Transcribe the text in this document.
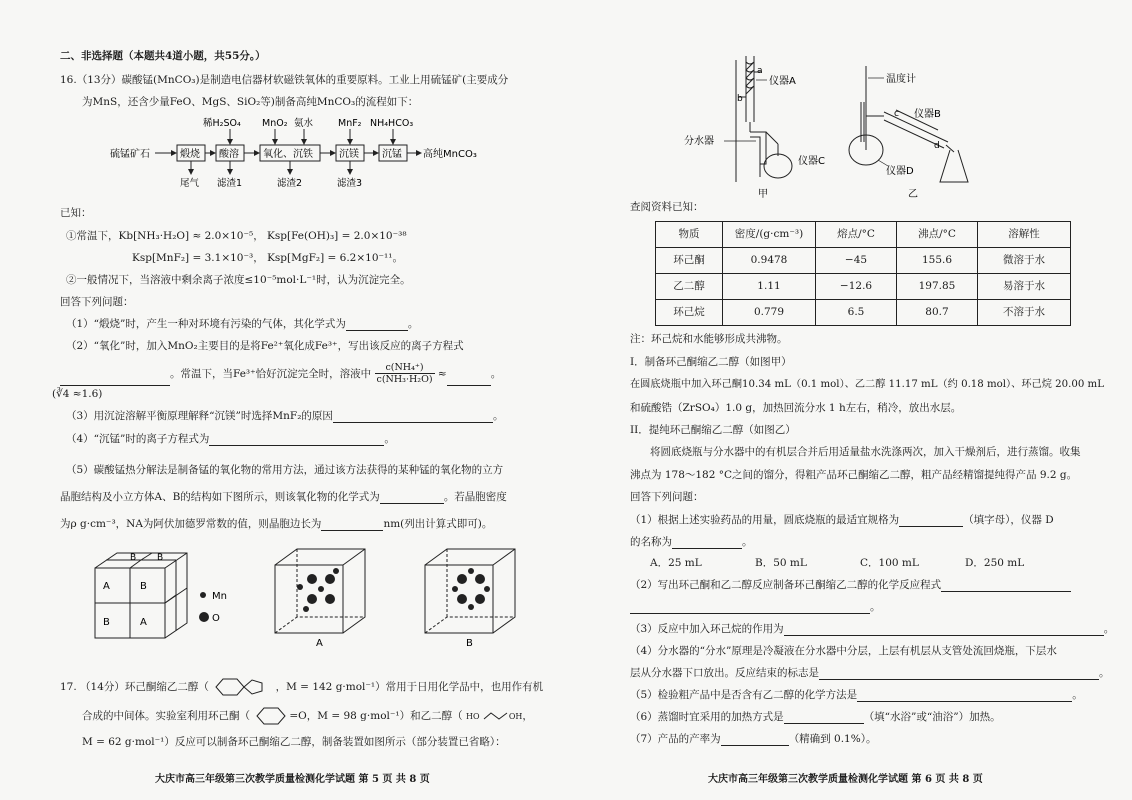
二、非选择题（本题共4道小题，共55分。）
16.（13分）碳酸锰(MnCO₃)是制造电信器材软磁铁氧体的重要原料。工业上用硫锰矿(主要成分
为MnS，还含少量FeO、MgS、SiO₂等)制备高纯MnCO₃的流程如下：
硫锰矿石	煅烧 酸溶 氧化、沉铁	沉镁 沉锰 高纯MnCO₃
稀H₂SO₄ MnO₂ 氨水	MnF₂ NH₄HCO₃
尾气 滤渣1	滤渣2	滤渣3
已知：
①常温下，Kb[NH₃·H₂O] ≈ 2.0×10⁻⁵， Ksp[Fe(OH)₃] = 2.0×10⁻³⁸
Ksp[MnF₂] = 3.1×10⁻³， Ksp[MgF₂] = 6.2×10⁻¹¹。
②一般情况下，当溶液中剩余离子浓度≤10⁻⁵mol·L⁻¹时，认为沉淀完全。
回答下列问题：
（1）“煅烧”时，产生一种对环境有污染的气体，其化学式为	。
（2）“氧化”时，加入MnO₂主要目的是将Fe²⁺氧化成Fe³⁺，写出该反应的离子方程式
。常温下，当Fe³⁺恰好沉淀完全时，溶液中 $\frac{\text{c(NH₄⁺)}}{\text{c(NH₃·H₂O)}}$ ≈	。
(∛4 ≈1.6)
（3）用沉淀溶解平衡原理解释“沉镁”时选择MnF₂的原因	。
（4）“沉锰”时的离子方程式为	。
（5）碳酸锰热分解法是制备锰的氧化物的常用方法，通过该方法获得的某种锰的氧化物的立方
晶胞结构及小立方体A、B的结构如下图所示，则该氧化物的化学式为	。若晶胞密度
为ρ g·cm⁻³，NA为阿伏加德罗常数的值，则晶胞边长为	nm(列出计算式即可)。
A	B
B	A
B B
Mn
O
A	B
17. （14分）环己酮缩乙二醇（	，M = 142 g·mol⁻¹）常用于日用化学品中，也用作有机
合成的中间体。实验室利用环己酮（	=O，M = 98 g·mol⁻¹）和乙二醇（ HO	OH，
M = 62 g·mol⁻¹）反应可以制备环己酮缩乙二醇，制备装置如图所示（部分装置已省略）：
大庆市高三年级第三次教学质量检测化学试题 第 5 页 共 8 页
a
b
仪器A
分水器
仪器C
甲
温度计
c 仪器B
d
仪器D
乙
查阅资料已知：
物质	密度/(g·cm⁻³)	熔点/°C	沸点/°C	溶解性
环己酮	0.9478	−45	155.6	微溶于水
乙二醇	1.11	−12.6	197.85	易溶于水
环己烷	0.779	6.5	80.7	不溶于水
注：环己烷和水能够形成共沸物。
I．制备环己酮缩乙二醇（如图甲）
在圆底烧瓶中加入环己酮10.34 mL（0.1 mol）、乙二醇 11.17 mL（约 0.18 mol）、环己烷 20.00 mL
和硫酸锆（ZrSO₄）1.0 g，加热回流分水 1 h左右，稍冷，放出水层。
II．提纯环己酮缩乙二醇（如图乙）
将圆底烧瓶与分水器中的有机层合并后用适量盐水洗涤两次，加入干燥剂后，进行蒸馏。收集
沸点为 178～182 °C之间的馏分，得粗产品环己酮缩乙二醇，粗产品经精馏提纯得产品 9.2 g。
回答下列问题：
（1）根据上述实验药品的用量，圆底烧瓶的最适宜规格为	（填字母），仪器 D
的名称为	。
A．25 mL	B．50 mL	C．100 mL	D．250 mL
（2）写出环己酮和乙二醇反应制备环己酮缩乙二醇的化学反应程式
。
（3）反应中加入环己烷的作用为	。
（4）分水器的“分水”原理是冷凝液在分水器中分层，上层有机层从支管处流回烧瓶，下层水
层从分水器下口放出。反应结束的标志是	。
（5）检验粗产品中是否含有乙二醇的化学方法是	。
（6）蒸馏时宜采用的加热方式是	（填“水浴”或“油浴”）加热。
（7）产品的产率为	（精确到 0.1%）。
大庆市高三年级第三次教学质量检测化学试题 第 6 页 共 8 页
